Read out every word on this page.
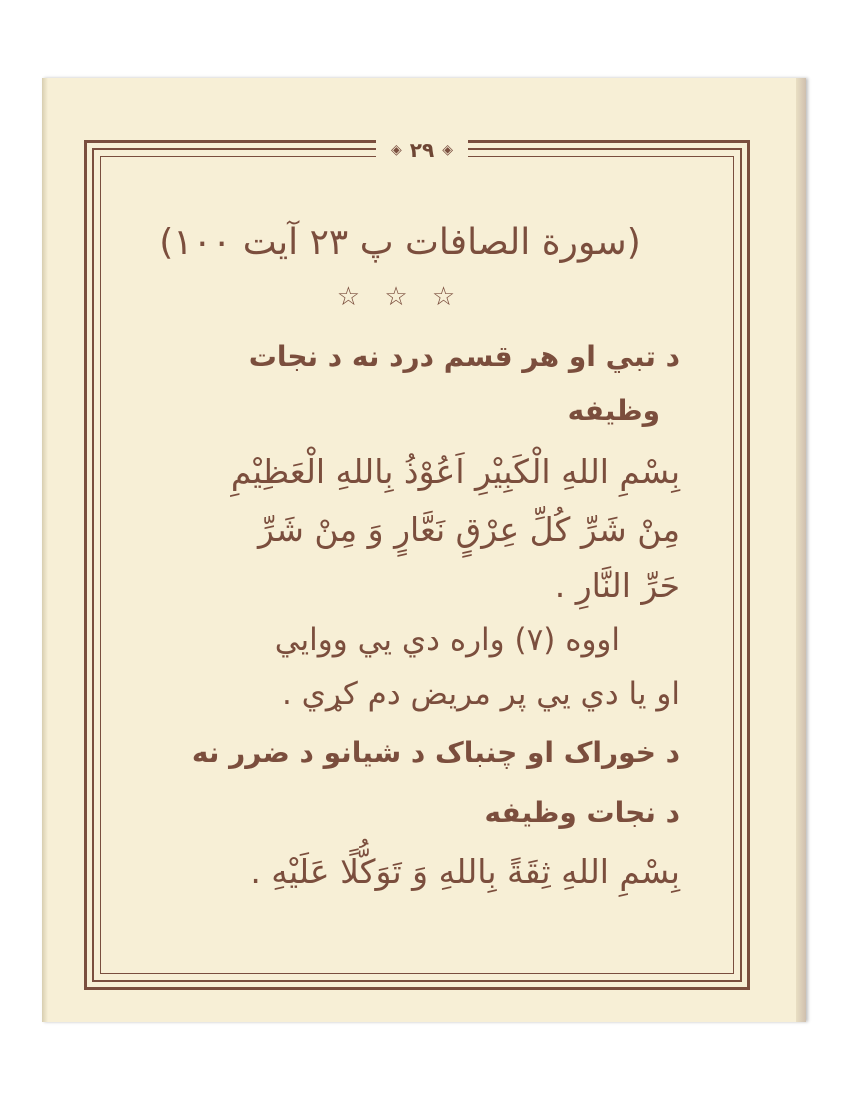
◈ ۲۹ ◈
(سورة الصافات پ ۲۳ آیت ۱۰۰)
☆ ☆ ☆
د تبي او هر قسم درد نه د نجات
وظيفه
بِسْمِ اللهِ الْكَبِيْرِ اَعُوْذُ بِاللهِ الْعَظِيْمِ
مِنْ شَرِّ كُلِّ عِرْقٍ نَعَّارٍ وَ مِنْ شَرِّ
حَرِّ النَّارِ .
اووه (۷) واره دي يي ووايي
او يا دي يي پر مريض دم كړي .
د خوراک او چنباک د شيانو د ضرر نه
د نجات وظيفه
بِسْمِ اللهِ ثِقَةً بِاللهِ وَ تَوَكُّلًا عَلَيْهِ .
